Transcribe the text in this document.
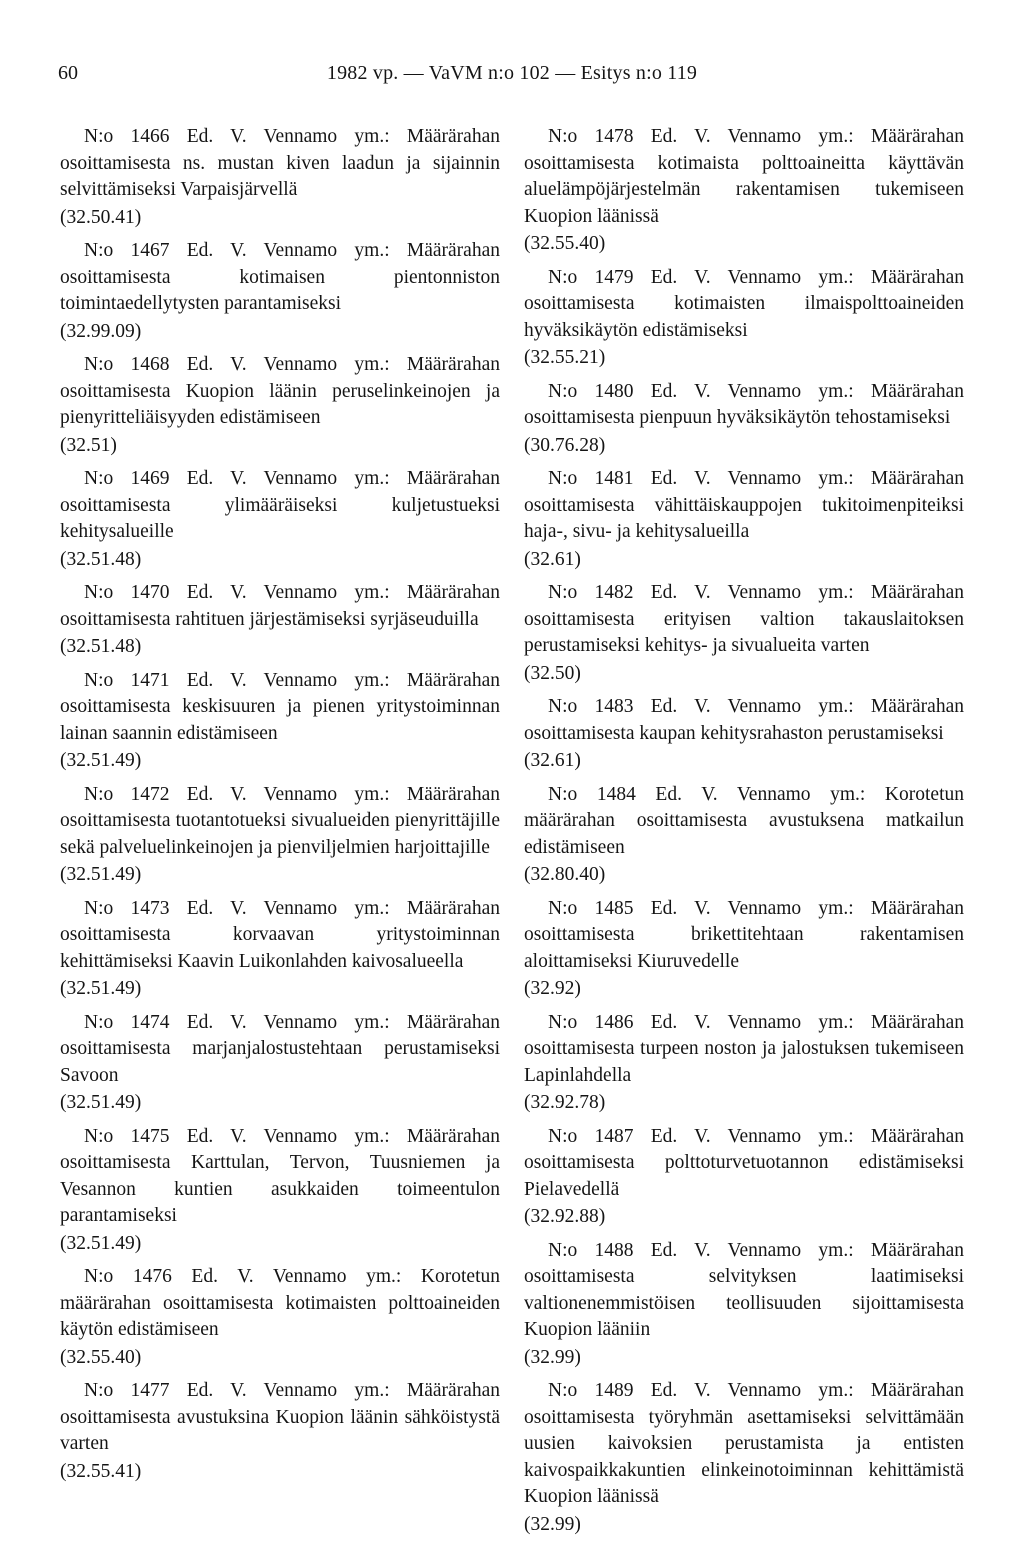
60	1982 vp. — VaVM n:o 102 — Esitys n:o 119

N:o 1466 Ed. V. Vennamo ym.: Määrärahan osoittamisesta ns. mustan kiven laadun ja sijainnin selvittämiseksi Varpaisjärvellä

(32.50.41)

N:o 1467 Ed. V. Vennamo ym.: Määrärahan osoittamisesta kotimaisen pientonniston toimintaedellytysten parantamiseksi

(32.99.09)

N:o 1468 Ed. V. Vennamo ym.: Määrärahan osoittamisesta Kuopion läänin peruselinkeinojen ja pienyritteliäisyyden edistämiseen

(32.51)

N:o 1469 Ed. V. Vennamo ym.: Määrärahan osoittamisesta ylimääräiseksi kuljetustueksi kehitysalueille

(32.51.48)

N:o 1470 Ed. V. Vennamo ym.: Määrärahan osoittamisesta rahtituen järjestämiseksi syrjäseuduilla

(32.51.48)

N:o 1471 Ed. V. Vennamo ym.: Määrärahan osoittamisesta keskisuuren ja pienen yritystoiminnan lainan saannin edistämiseen

(32.51.49)

N:o 1472 Ed. V. Vennamo ym.: Määrärahan osoittamisesta tuotantotueksi sivualueiden pienyrittäjille sekä palveluelinkeinojen ja pienviljelmien harjoittajille

(32.51.49)

N:o 1473 Ed. V. Vennamo ym.: Määrärahan osoittamisesta korvaavan yritystoiminnan kehittämiseksi Kaavin Luikonlahden kaivosalueella

(32.51.49)

N:o 1474 Ed. V. Vennamo ym.: Määrärahan osoittamisesta marjanjalostustehtaan perustamiseksi Savoon

(32.51.49)

N:o 1475 Ed. V. Vennamo ym.: Määrärahan osoittamisesta Karttulan, Tervon, Tuusniemen ja Vesannon kuntien asukkaiden toimeentulon parantamiseksi

(32.51.49)

N:o 1476 Ed. V. Vennamo ym.: Korotetun määrärahan osoittamisesta kotimaisten polttoaineiden käytön edistämiseen

(32.55.40)

N:o 1477 Ed. V. Vennamo ym.: Määrärahan osoittamisesta avustuksina Kuopion läänin sähköistystä varten

(32.55.41)

N:o 1478 Ed. V. Vennamo ym.: Määrärahan osoittamisesta kotimaista polttoaineitta käyttävän aluelämpöjärjestelmän rakentamisen tukemiseen Kuopion läänissä

(32.55.40)

N:o 1479 Ed. V. Vennamo ym.: Määrärahan osoittamisesta kotimaisten ilmaispolttoaineiden hyväksikäytön edistämiseksi

(32.55.21)

N:o 1480 Ed. V. Vennamo ym.: Määrärahan osoittamisesta pienpuun hyväksikäytön tehostamiseksi

(30.76.28)

N:o 1481 Ed. V. Vennamo ym.: Määrärahan osoittamisesta vähittäiskauppojen tukitoimenpiteiksi haja-, sivu- ja kehitysalueilla

(32.61)

N:o 1482 Ed. V. Vennamo ym.: Määrärahan osoittamisesta erityisen valtion takauslaitoksen perustamiseksi kehitys- ja sivualueita varten

(32.50)

N:o 1483 Ed. V. Vennamo ym.: Määrärahan osoittamisesta kaupan kehitysrahaston perustamiseksi

(32.61)

N:o 1484 Ed. V. Vennamo ym.: Korotetun määrärahan osoittamisesta avustuksena matkailun edistämiseen

(32.80.40)

N:o 1485 Ed. V. Vennamo ym.: Määrärahan osoittamisesta brikettitehtaan rakentamisen aloittamiseksi Kiuruvedelle

(32.92)

N:o 1486 Ed. V. Vennamo ym.: Määrärahan osoittamisesta turpeen noston ja jalostuksen tukemiseen Lapinlahdella

(32.92.78)

N:o 1487 Ed. V. Vennamo ym.: Määrärahan osoittamisesta polttoturvetuotannon edistämiseksi Pielavedellä

(32.92.88)

N:o 1488 Ed. V. Vennamo ym.: Määrärahan osoittamisesta selvityksen laatimiseksi valtionenemmistöisen teollisuuden sijoittamisesta Kuopion lääniin

(32.99)

N:o 1489 Ed. V. Vennamo ym.: Määrärahan osoittamisesta työryhmän asettamiseksi selvittämään uusien kaivoksien perustamista ja entisten kaivospaikkakuntien elinkeinotoiminnan kehittämistä Kuopion läänissä

(32.99)
